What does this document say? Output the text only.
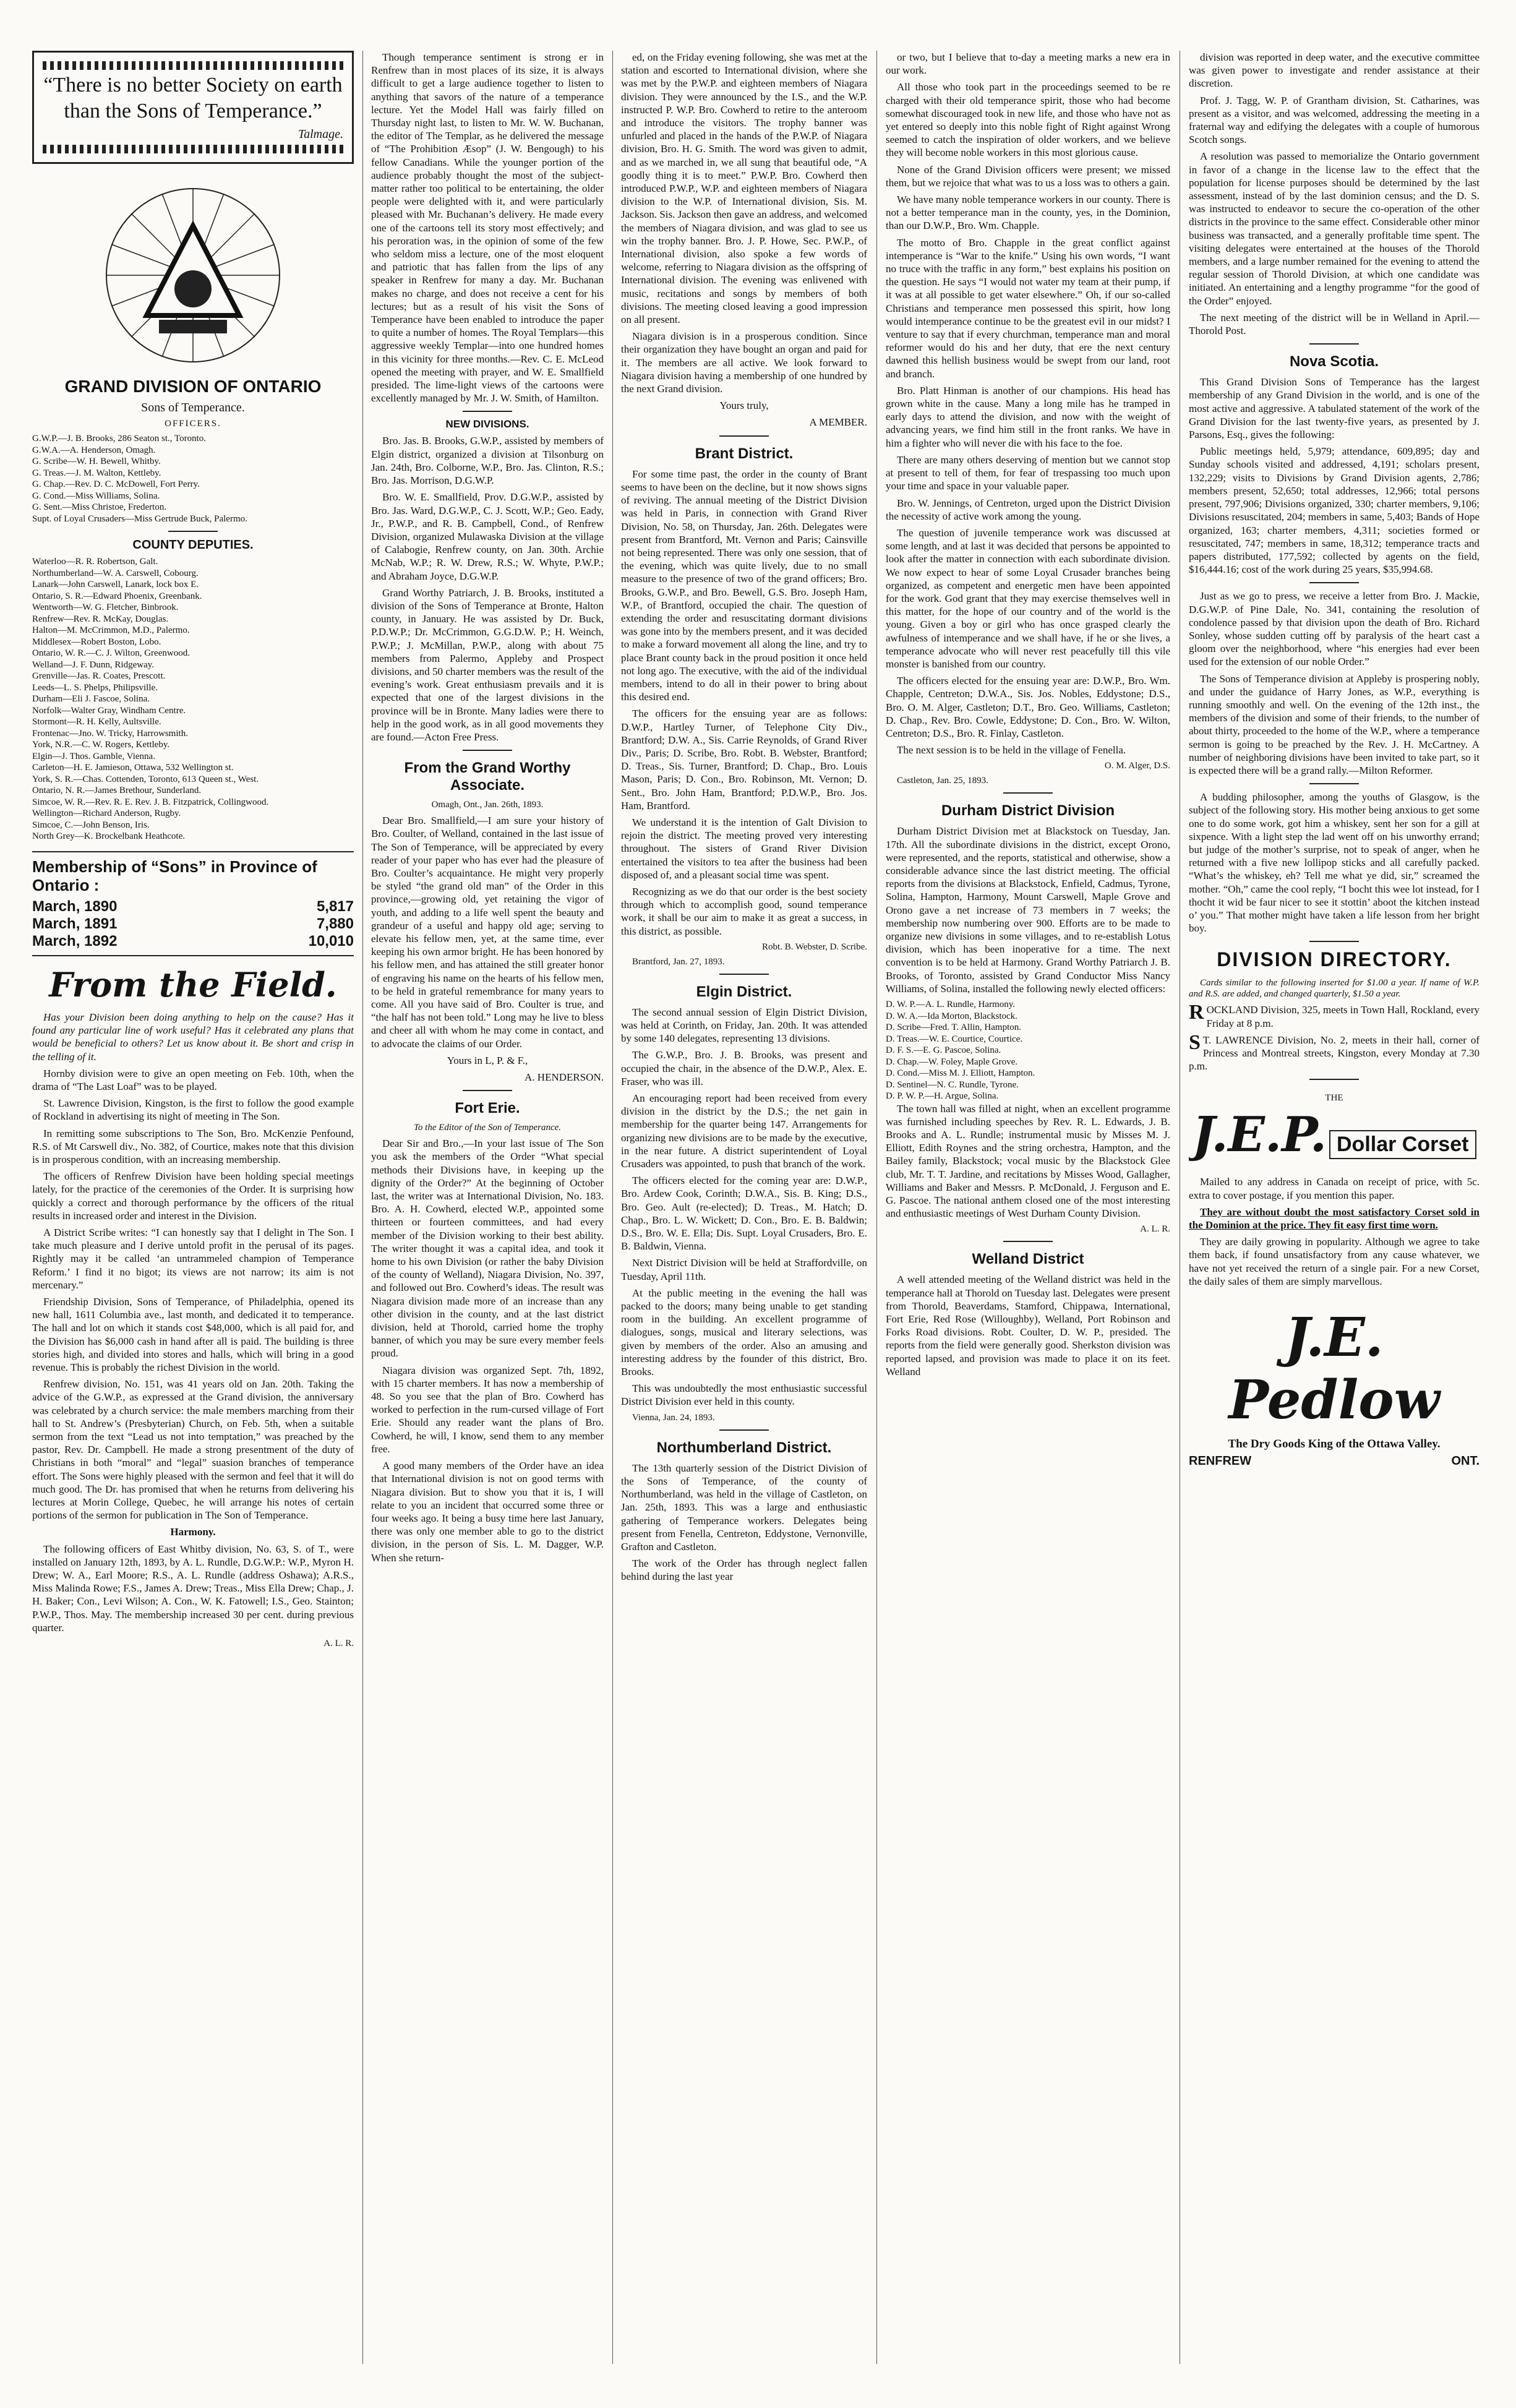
“There is no better Society on earth than the Sons of Temperance.”

Talmage.

GRAND DIVISION OF ONTARIO

Sons of Temperance.

OFFICERS.

G.W.P.—J. B. Brooks, 286 Seaton st., Toronto.

G.W.A.—A. Henderson, Omagh.

G. Scribe—W. H. Bewell, Whitby.

G. Treas.—J. M. Walton, Kettleby.

G. Chap.—Rev. D. C. McDowell, Fort Perry.

G. Cond.—Miss Williams, Solina.

G. Sent.—Miss Christoe, Frederton.

Supt. of Loyal Crusaders—Miss Gertrude Buck, Palermo.

COUNTY DEPUTIES.

Waterloo—R. R. Robertson, Galt.

Northumberland—W. A. Carswell, Cobourg.

Lanark—John Carswell, Lanark, lock box E.

Ontario, S. R.—Edward Phoenix, Greenbank.

Wentworth—W. G. Fletcher, Binbrook.

Renfrew—Rev. R. McKay, Douglas.

Halton—M. McCrimmon, M.D., Palermo.

Middlesex—Robert Boston, Lobo.

Ontario, W. R.—C. J. Wilton, Greenwood.

Welland—J. F. Dunn, Ridgeway.

Grenville—Jas. R. Coates, Prescott.

Leeds—L. S. Phelps, Philipsville.

Durham—Eli J. Fascoe, Solina.

Norfolk—Walter Gray, Windham Centre.

Stormont—R. H. Kelly, Aultsville.

Frontenac—Jno. W. Tricky, Harrowsmith.

York, N.R.—C. W. Rogers, Kettleby.

Elgin—J. Thos. Gamble, Vienna.

Carleton—H. E. Jamieson, Ottawa, 532 Wellington st.

York, S. R.—Chas. Cottenden, Toronto, 613 Queen st., West.

Ontario, N. R.—James Brethour, Sunderland.

Simcoe, W. R.—Rev. R. E. Rev. J. B. Fitzpatrick, Collingwood.

Wellington—Richard Anderson, Rugby.

Simcoe, C.—John Benson, Iris.

North Grey—K. Brockelbank Heathcote.

Membership of “Sons” in Province of Ontario :
March, 1890	5,817
March, 1891	7,880
March, 1892	10,010
From the Field.

Has your Division been doing anything to help on the cause? Has it found any particular line of work useful? Has it celebrated any plans that would be beneficial to others? Let us know about it. Be short and crisp in the telling of it.

Hornby division were to give an open meeting on Feb. 10th, when the drama of “The Last Loaf” was to be played.

St. Lawrence Division, Kingston, is the first to follow the good example of Rockland in advertising its night of meeting in The Son.

In remitting some subscriptions to The Son, Bro. McKenzie Penfound, R.S. of Mt Carswell div., No. 382, of Courtice, makes note that this division is in prosperous condition, with an increasing membership.

The officers of Renfrew Division have been holding special meetings lately, for the practice of the ceremonies of the Order. It is surprising how quickly a correct and thorough performance by the officers of the ritual results in increased order and interest in the Division.

A District Scribe writes: “I can honestly say that I delight in The Son. I take much pleasure and I derive untold profit in the perusal of its pages. Rightly may it be called ‘an untrammeled champion of Temperance Reform.’ I find it no bigot; its views are not narrow; its aim is not mercenary.”

Friendship Division, Sons of Temperance, of Philadelphia, opened its new hall, 1611 Columbia ave., last month, and dedicated it to temperance. The hall and lot on which it stands cost $48,000, which is all paid for, and the Division has $6,000 cash in hand after all is paid. The building is three stories high, and divided into stores and halls, which will bring in a good revenue. This is probably the richest Division in the world.

Renfrew division, No. 151, was 41 years old on Jan. 20th. Taking the advice of the G.W.P., as expressed at the Grand division, the anniversary was celebrated by a church service: the male members marching from their hall to St. Andrew’s (Presbyterian) Church, on Feb. 5th, when a suitable sermon from the text “Lead us not into temptation,” was preached by the pastor, Rev. Dr. Campbell. He made a strong presentment of the duty of Christians in both “moral” and “legal” suasion branches of temperance effort. The Sons were highly pleased with the sermon and feel that it will do much good. The Dr. has promised that when he returns from delivering his lectures at Morin College, Quebec, he will arrange his notes of certain portions of the sermon for publication in The Son of Temperance.

Harmony.

The following officers of East Whitby division, No. 63, S. of T., were installed on January 12th, 1893, by A. L. Rundle, D.G.W.P.: W.P., Myron H. Drew; W. A., Earl Moore; R.S., A. L. Rundle (address Oshawa); A.R.S., Miss Malinda Rowe; F.S., James A. Drew; Treas., Miss Ella Drew; Chap., J. H. Baker; Con., Levi Wilson; A. Con., W. K. Fatowell; I.S., Geo. Stainton; P.W.P., Thos. May. The membership increased 30 per cent. during previous quarter.

A. L. R.

Though temperance sentiment is strong er in Renfrew than in most places of its size, it is always difficult to get a large audience together to listen to anything that savors of the nature of a temperance lecture. Yet the Model Hall was fairly filled on Thursday night last, to listen to Mr. W. W. Buchanan, the editor of The Templar, as he delivered the message of “The Prohibition Æsop” (J. W. Bengough) to his fellow Canadians. While the younger portion of the audience probably thought the most of the subject-matter rather too political to be entertaining, the older people were delighted with it, and were particularly pleased with Mr. Buchanan’s delivery. He made every one of the cartoons tell its story most effectively; and his peroration was, in the opinion of some of the few who seldom miss a lecture, one of the most eloquent and patriotic that has fallen from the lips of any speaker in Renfrew for many a day. Mr. Buchanan makes no charge, and does not receive a cent for his lectures; but as a result of his visit the Sons of Temperance have been enabled to introduce the paper to quite a number of homes. The Royal Templars—this aggressive weekly Templar—into one hundred homes in this vicinity for three months.—Rev. C. E. McLeod opened the meeting with prayer, and W. E. Smallfield presided. The lime-light views of the cartoons were excellently managed by Mr. J. W. Smith, of Hamilton.

NEW DIVISIONS.

Bro. Jas. B. Brooks, G.W.P., assisted by members of Elgin district, organized a division at Tilsonburg on Jan. 24th, Bro. Colborne, W.P., Bro. Jas. Clinton, R.S.; Bro. Jas. Morrison, D.G.W.P.

Bro. W. E. Smallfield, Prov. D.G.W.P., assisted by Bro. Jas. Ward, D.G.W.P., C. J. Scott, W.P.; Geo. Eady, Jr., P.W.P., and R. B. Campbell, Cond., of Renfrew Division, organized Mulawaska Division at the village of Calabogie, Renfrew county, on Jan. 30th. Archie McNab, W.P.; R. W. Drew, R.S.; W. Whyte, P.W.P.; and Abraham Joyce, D.G.W.P.

Grand Worthy Patriarch, J. B. Brooks, instituted a division of the Sons of Temperance at Bronte, Halton county, in January. He was assisted by Dr. Buck, P.D.W.P.; Dr. McCrimmon, G.G.D.W. P.; H. Weinch, P.W.P.; J. McMillan, P.W.P., along with about 75 members from Palermo, Appleby and Prospect divisions, and 50 charter members was the result of the evening’s work. Great enthusiasm prevails and it is expected that one of the largest divisions in the province will be in Bronte. Many ladies were there to help in the good work, as in all good movements they are found.—Acton Free Press.

From the Grand Worthy Associate.

Omagh, Ont., Jan. 26th, 1893.

Dear Bro. Smallfield,—I am sure your history of Bro. Coulter, of Welland, contained in the last issue of The Son of Temperance, will be appreciated by every reader of your paper who has ever had the pleasure of Bro. Coulter’s acquaintance. He might very properly be styled “the grand old man” of the Order in this province,—growing old, yet retaining the vigor of youth, and adding to a life well spent the beauty and grandeur of a useful and happy old age; serving to elevate his fellow men, yet, at the same time, ever keeping his own armor bright. He has been honored by his fellow men, and has attained the still greater honor of engraving his name on the hearts of his fellow men, to be held in grateful remembrance for many years to come. All you have said of Bro. Coulter is true, and “the half has not been told.” Long may he live to bless and cheer all with whom he may come in contact, and to advocate the claims of our Order.

Yours in L, P. & F.,

A. HENDERSON.

Fort Erie.

To the Editor of the Son of Temperance.

Dear Sir and Bro.,—In your last issue of The Son you ask the members of the Order “What special methods their Divisions have, in keeping up the dignity of the Order?” At the beginning of October last, the writer was at International Division, No. 183. Bro. A. H. Cowherd, elected W.P., appointed some thirteen or fourteen committees, and had every member of the Division working to their best ability. The writer thought it was a capital idea, and took it home to his own Division (or rather the baby Division of the county of Welland), Niagara Division, No. 397, and followed out Bro. Cowherd’s ideas. The result was Niagara division made more of an increase than any other division in the county, and at the last district division, held at Thorold, carried home the trophy banner, of which you may be sure every member feels proud.

Niagara division was organized Sept. 7th, 1892, with 15 charter members. It has now a membership of 48. So you see that the plan of Bro. Cowherd has worked to perfection in the rum-cursed village of Fort Erie. Should any reader want the plans of Bro. Cowherd, he will, I know, send them to any member free.

A good many members of the Order have an idea that International division is not on good terms with Niagara division. But to show you that it is, I will relate to you an incident that occurred some three or four weeks ago. It being a busy time here last January, there was only one member able to go to the district division, in the person of Sis. L. M. Dagger, W.P. When she return-

ed, on the Friday evening following, she was met at the station and escorted to International division, where she was met by the P.W.P. and eighteen members of Niagara division. They were announced by the I.S., and the W.P. instructed P. W.P. Bro. Cowherd to retire to the anteroom and introduce the visitors. The trophy banner was unfurled and placed in the hands of the P.W.P. of Niagara division, Bro. H. G. Smith. The word was given to admit, and as we marched in, we all sung that beautiful ode, “A goodly thing it is to meet.” P.W.P. Bro. Cowherd then introduced P.W.P., W.P. and eighteen members of Niagara division to the W.P. of International division, Sis. M. Jackson. Sis. Jackson then gave an address, and welcomed the members of Niagara division, and was glad to see us win the trophy banner. Bro. J. P. Howe, Sec. P.W.P., of International division, also spoke a few words of welcome, referring to Niagara division as the offspring of International division. The evening was enlivened with music, recitations and songs by members of both divisions. The meeting closed leaving a good impression on all present.

Niagara division is in a prosperous condition. Since their organization they have bought an organ and paid for it. The members are all active. We look forward to Niagara division having a membership of one hundred by the next Grand division.

Yours truly,

A MEMBER.

Brant District.

For some time past, the order in the county of Brant seems to have been on the decline, but it now shows signs of reviving. The annual meeting of the District Division was held in Paris, in connection with Grand River Division, No. 58, on Thursday, Jan. 26th. Delegates were present from Brantford, Mt. Vernon and Paris; Cainsville not being represented. There was only one session, that of the evening, which was quite lively, due to no small measure to the presence of two of the grand officers; Bro. Brooks, G.W.P., and Bro. Bewell, G.S. Bro. Joseph Ham, W.P., of Brantford, occupied the chair. The question of extending the order and resuscitating dormant divisions was gone into by the members present, and it was decided to make a forward movement all along the line, and try to place Brant county back in the proud position it once held not long ago. The executive, with the aid of the individual members, intend to do all in their power to bring about this desired end.

The officers for the ensuing year are as follows: D.W.P., Hartley Turner, of Telephone City Div., Brantford; D.W. A., Sis. Carrie Reynolds, of Grand River Div., Paris; D. Scribe, Bro. Robt. B. Webster, Brantford; D. Treas., Sis. Turner, Brantford; D. Chap., Bro. Louis Mason, Paris; D. Con., Bro. Robinson, Mt. Vernon; D. Sent., Bro. John Ham, Brantford; P.D.W.P., Bro. Jos. Ham, Brantford.

We understand it is the intention of Galt Division to rejoin the district. The meeting proved very interesting throughout. The sisters of Grand River Division entertained the visitors to tea after the business had been disposed of, and a pleasant social time was spent.

Recognizing as we do that our order is the best society through which to accomplish good, sound temperance work, it shall be our aim to make it as great a success, in this district, as possible.

Robt. B. Webster, D. Scribe.

Brantford, Jan. 27, 1893.

Elgin District.

The second annual session of Elgin District Division, was held at Corinth, on Friday, Jan. 20th. It was attended by some 140 delegates, representing 13 divisions.

The G.W.P., Bro. J. B. Brooks, was present and occupied the chair, in the absence of the D.W.P., Alex. E. Fraser, who was ill.

An encouraging report had been received from every division in the district by the D.S.; the net gain in membership for the quarter being 147. Arrangements for organizing new divisions are to be made by the executive, in the near future. A district superintendent of Loyal Crusaders was appointed, to push that branch of the work.

The officers elected for the coming year are: D.W.P., Bro. Ardew Cook, Corinth; D.W.A., Sis. B. King; D.S., Bro. Geo. Ault (re-elected); D. Treas., M. Hatch; D. Chap., Bro. L. W. Wickett; D. Con., Bro. E. B. Baldwin; D.S., Bro. W. E. Ella; Dis. Supt. Loyal Crusaders, Bro. E. B. Baldwin, Vienna.

Next District Division will be held at Straffordville, on Tuesday, April 11th.

At the public meeting in the evening the hall was packed to the doors; many being unable to get standing room in the building. An excellent programme of dialogues, songs, musical and literary selections, was given by members of the order. Also an amusing and interesting address by the founder of this district, Bro. Brooks.

This was undoubtedly the most enthusiastic successful District Division ever held in this county.

Vienna, Jan. 24, 1893.

Northumberland District.

The 13th quarterly session of the District Division of the Sons of Temperance, of the county of Northumberland, was held in the village of Castleton, on Jan. 25th, 1893. This was a large and enthusiastic gathering of Temperance workers. Delegates being present from Fenella, Centreton, Eddystone, Vernonville, Grafton and Castleton.

The work of the Order has through neglect fallen behind during the last year

or two, but I believe that to-day a meeting marks a new era in our work.

All those who took part in the proceedings seemed to be re charged with their old temperance spirit, those who had become somewhat discouraged took in new life, and those who have not as yet entered so deeply into this noble fight of Right against Wrong seemed to catch the inspiration of older workers, and we believe they will become noble workers in this most glorious cause.

None of the Grand Division officers were present; we missed them, but we rejoice that what was to us a loss was to others a gain.

We have many noble temperance workers in our county. There is not a better temperance man in the county, yes, in the Dominion, than our D.W.P., Bro. Wm. Chapple.

The motto of Bro. Chapple in the great conflict against intemperance is “War to the knife.” Using his own words, “I want no truce with the traffic in any form,” best explains his position on the question. He says “I would not water my team at their pump, if it was at all possible to get water elsewhere.” Oh, if our so-called Christians and temperance men possessed this spirit, how long would intemperance continue to be the greatest evil in our midst? I venture to say that if every churchman, temperance man and moral reformer would do his and her duty, that ere the next century dawned this hellish business would be swept from our land, root and branch.

Bro. Platt Hinman is another of our champions. His head has grown white in the cause. Many a long mile has he tramped in early days to attend the division, and now with the weight of advancing years, we find him still in the front ranks. We have in him a fighter who will never die with his face to the foe.

There are many others deserving of mention but we cannot stop at present to tell of them, for fear of trespassing too much upon your time and space in your valuable paper.

Bro. W. Jennings, of Centreton, urged upon the District Division the necessity of active work among the young.

The question of juvenile temperance work was discussed at some length, and at last it was decided that persons be appointed to look after the matter in connection with each subordinate division. We now expect to hear of some Loyal Crusader branches being organized, as competent and energetic men have been appointed for the work. God grant that they may exercise themselves well in this matter, for the hope of our country and of the world is the young. Given a boy or girl who has once grasped clearly the awfulness of intemperance and we shall have, if he or she lives, a temperance advocate who will never rest peacefully till this vile monster is banished from our country.

The officers elected for the ensuing year are: D.W.P., Bro. Wm. Chapple, Centreton; D.W.A., Sis. Jos. Nobles, Eddystone; D.S., Bro. O. M. Alger, Castleton; D.T., Bro. Geo. Williams, Castleton; D. Chap., Rev. Bro. Cowle, Eddystone; D. Con., Bro. W. Wilton, Centreton; D.S., Bro. R. Finlay, Castleton.

The next session is to be held in the village of Fenella.

O. M. Alger, D.S.

Castleton, Jan. 25, 1893.

Durham District Division

Durham District Division met at Blackstock on Tuesday, Jan. 17th. All the subordinate divisions in the district, except Orono, were represented, and the reports, statistical and otherwise, show a considerable advance since the last district meeting. The official reports from the divisions at Blackstock, Enfield, Cadmus, Tyrone, Solina, Hampton, Harmony, Mount Carswell, Maple Grove and Orono gave a net increase of 73 members in 7 weeks; the membership now numbering over 900. Efforts are to be made to organize new divisions in some villages, and to re-establish Lotus division, which has been inoperative for a time. The next convention is to be held at Harmony. Grand Worthy Patriarch J. B. Brooks, of Toronto, assisted by Grand Conductor Miss Nancy Williams, of Solina, installed the following newly elected officers:

D. W. P.—A. L. Rundle, Harmony.

D. W. A.—Ida Morton, Blackstock.

D. Scribe—Fred. T. Allin, Hampton.

D. Treas.—W. E. Courtice, Courtice.

D. F. S.—E. G. Pascoe, Solina.

D. Chap.—W. Foley, Maple Grove.

D. Cond.—Miss M. J. Elliott, Hampton.

D. Sentinel—N. C. Rundle, Tyrone.

D. P. W. P.—H. Argue, Solina.

The town hall was filled at night, when an excellent programme was furnished including speeches by Rev. R. L. Edwards, J. B. Brooks and A. L. Rundle; instrumental music by Misses M. J. Elliott, Edith Roynes and the string orchestra, Hampton, and the Bailey family, Blackstock; vocal music by the Blackstock Glee club, Mr. T. T. Jardine, and recitations by Misses Wood, Gallagher, Williams and Baker and Messrs. P. McDonald, J. Ferguson and E. G. Pascoe. The national anthem closed one of the most interesting and enthusiastic meetings of West Durham County Division.

A. L. R.

Welland District

A well attended meeting of the Welland district was held in the temperance hall at Thorold on Tuesday last. Delegates were present from Thorold, Beaverdams, Stamford, Chippawa, International, Fort Erie, Red Rose (Willoughby), Welland, Port Robinson and Forks Road divisions. Robt. Coulter, D. W. P., presided. The reports from the field were generally good. Sherkston division was reported lapsed, and provision was made to place it on its feet. Welland

division was reported in deep water, and the executive committee was given power to investigate and render assistance at their discretion.

Prof. J. Tagg, W. P. of Grantham division, St. Catharines, was present as a visitor, and was welcomed, addressing the meeting in a fraternal way and edifying the delegates with a couple of humorous Scotch songs.

A resolution was passed to memorialize the Ontario government in favor of a change in the license law to the effect that the population for license purposes should be determined by the last assessment, instead of by the last dominion census; and the D. S. was instructed to endeavor to secure the co-operation of the other districts in the province to the same effect. Considerable other minor business was transacted, and a generally profitable time spent. The visiting delegates were entertained at the houses of the Thorold members, and a large number remained for the evening to attend the regular session of Thorold Division, at which one candidate was initiated. An entertaining and a lengthy programme “for the good of the Order” enjoyed.

The next meeting of the district will be in Welland in April.—Thorold Post.

Nova Scotia.

This Grand Division Sons of Temperance has the largest membership of any Grand Division in the world, and is one of the most active and aggressive. A tabulated statement of the work of the Grand Division for the last twenty-five years, as presented by J. Parsons, Esq., gives the following:

Public meetings held, 5,979; attendance, 609,895; day and Sunday schools visited and addressed, 4,191; scholars present, 132,229; visits to Divisions by Grand Division agents, 2,786; members present, 52,650; total addresses, 12,966; total persons present, 797,906; Divisions organized, 330; charter members, 9,106; Divisions resuscitated, 204; members in same, 5,403; Bands of Hope organized, 163; charter members, 4,311; societies formed or resuscitated, 747; members in same, 18,312; temperance tracts and papers distributed, 177,592; collected by agents on the field, $16,444.16; cost of the work during 25 years, $35,994.68.

Just as we go to press, we receive a letter from Bro. J. Mackie, D.G.W.P. of Pine Dale, No. 341, containing the resolution of condolence passed by that division upon the death of Bro. Richard Sonley, whose sudden cutting off by paralysis of the heart cast a gloom over the neighborhood, where “his energies had ever been used for the extension of our noble Order.”

The Sons of Temperance division at Appleby is prospering nobly, and under the guidance of Harry Jones, as W.P., everything is running smoothly and well. On the evening of the 12th inst., the members of the division and some of their friends, to the number of about thirty, proceeded to the home of the W.P., where a temperance sermon is going to be preached by the Rev. J. H. McCartney. A number of neighboring divisions have been invited to take part, so it is expected there will be a grand rally.—Milton Reformer.

A budding philosopher, among the youths of Glasgow, is the subject of the following story. His mother being anxious to get some one to do some work, got him a whiskey, sent her son for a gill at sixpence. With a light step the lad went off on his unworthy errand; but judge of the mother’s surprise, not to speak of anger, when he returned with a five new lollipop sticks and all carefully packed. “What’s the whiskey, eh? Tell me what ye did, sir,” screamed the mother. “Oh,” came the cool reply, “I bocht this wee lot instead, for I thocht it wid be faur nicer to see it stottin’ aboot the kitchen instead o’ you.” That mother might have taken a life lesson from her bright boy.

DIVISION DIRECTORY.

Cards similar to the following inserted for $1.00 a year. If name of W.P. and R.S. are added, and changed quarterly, $1.50 a year.

ROCKLAND Division, 325, meets in Town Hall, Rockland, every Friday at 8 p.m.

S T. LAWRENCE Division, No. 2, meets in their hall, corner of Princess and Montreal streets, Kingston, every Monday at 7.30 p.m.

THE

J.E.P. Dollar Corset

Mailed to any address in Canada on receipt of price, with 5c. extra to cover postage, if you mention this paper.

They are without doubt the most satisfactory Corset sold in the Dominion at the price. They fit easy first time worn.

They are daily growing in popularity. Although we agree to take them back, if found unsatisfactory from any cause whatever, we have not yet received the return of a single pair. For a new Corset, the daily sales of them are simply marvellous.

J.E. Pedlow

The Dry Goods King of the Ottawa Valley.

RENFREW	ONT.
